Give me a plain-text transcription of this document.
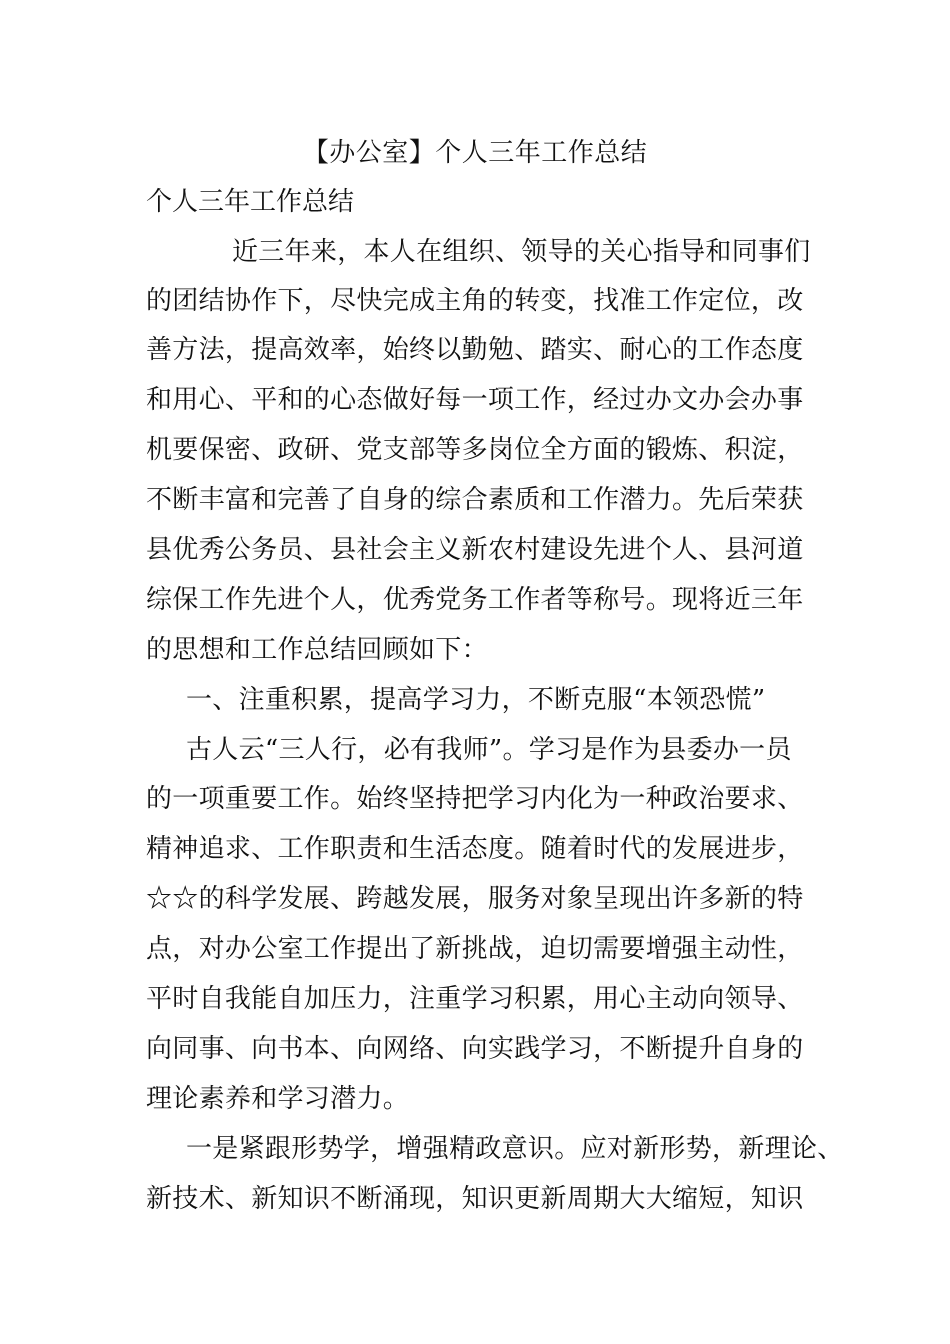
【办公室】个人三年工作总结
个人三年工作总结
近三年来，本人在组织、领导的关心指导和同事们
的团结协作下，尽快完成主角的转变，找准工作定位，改
善方法，提高效率，始终以勤勉、踏实、耐心的工作态度
和用心、平和的心态做好每一项工作，经过办文办会办事
机要保密、政研、党支部等多岗位全方面的锻炼、积淀，
不断丰富和完善了自身的综合素质和工作潜力。先后荣获
县优秀公务员、县社会主义新农村建设先进个人、县河道
综保工作先进个人，优秀党务工作者等称号。现将近三年
的思想和工作总结回顾如下：
一、注重积累，提高学习力，不断克服“本领恐慌”
古人云“三人行，必有我师”。学习是作为县委办一员
的一项重要工作。始终坚持把学习内化为一种政治要求、
精神追求、工作职责和生活态度。随着时代的发展进步，
☆☆的科学发展、跨越发展，服务对象呈现出许多新的特
点，对办公室工作提出了新挑战，迫切需要增强主动性，
平时自我能自加压力，注重学习积累，用心主动向领导、
向同事、向书本、向网络、向实践学习，不断提升自身的
理论素养和学习潜力。
一是紧跟形势学，增强精政意识。应对新形势，新理论、
新技术、新知识不断涌现，知识更新周期大大缩短，知识
